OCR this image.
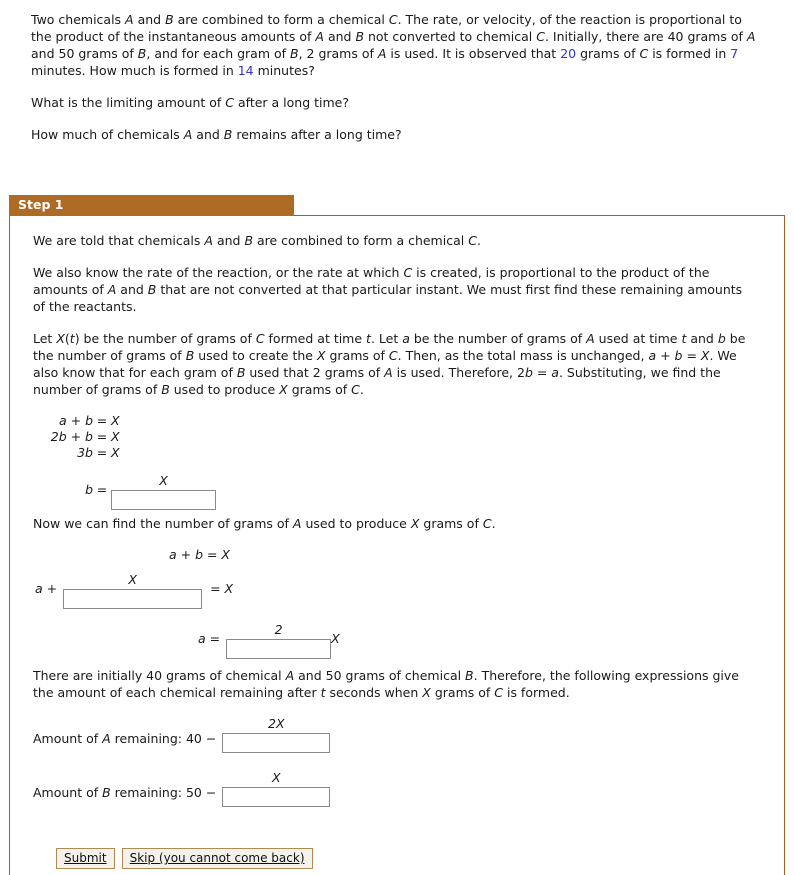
Two chemicals A and B are combined to form a chemical C. The rate, or velocity, of the reaction is proportional to the product of the instantaneous amounts of A and B not converted to chemical C. Initially, there are 40 grams of A and 50 grams of B, and for each gram of B, 2 grams of A is used. It is observed that 20 grams of C is formed in 7 minutes. How much is formed in 14 minutes?

What is the limiting amount of C after a long time?

How much of chemicals A and B remains after a long time?

Step 1

We are told that chemicals A and B are combined to form a chemical C.

We also know the rate of the reaction, or the rate at which C is created, is proportional to the product of the amounts of A and B that are not converted at that particular instant. We must first find these remaining amounts of the reactants.

Let X(t) be the number of grams of C formed at time t. Let a be the number of grams of A used at time t and b be the number of grams of B used to create the X grams of C. Then, as the total mass is unchanged, a + b = X. We also know that for each gram of B used that 2 grams of A is used. Therefore, 2b = a. Substituting, we find the number of grams of B used to produce X grams of C.

a + b = X
2b + b = X
3b = X
b =
X

Now we can find the number of grams of A used to produce X grams of C.

a + b = X
a +
X
= X
a =
2
X

There are initially 40 grams of chemical A and 50 grams of chemical B. Therefore, the following expressions give the amount of each chemical remaining after t seconds when X grams of C is formed.

Amount of A remaining: 40 −
2X
Amount of B remaining: 50 −
X
Submit	Skip (you cannot come back)
